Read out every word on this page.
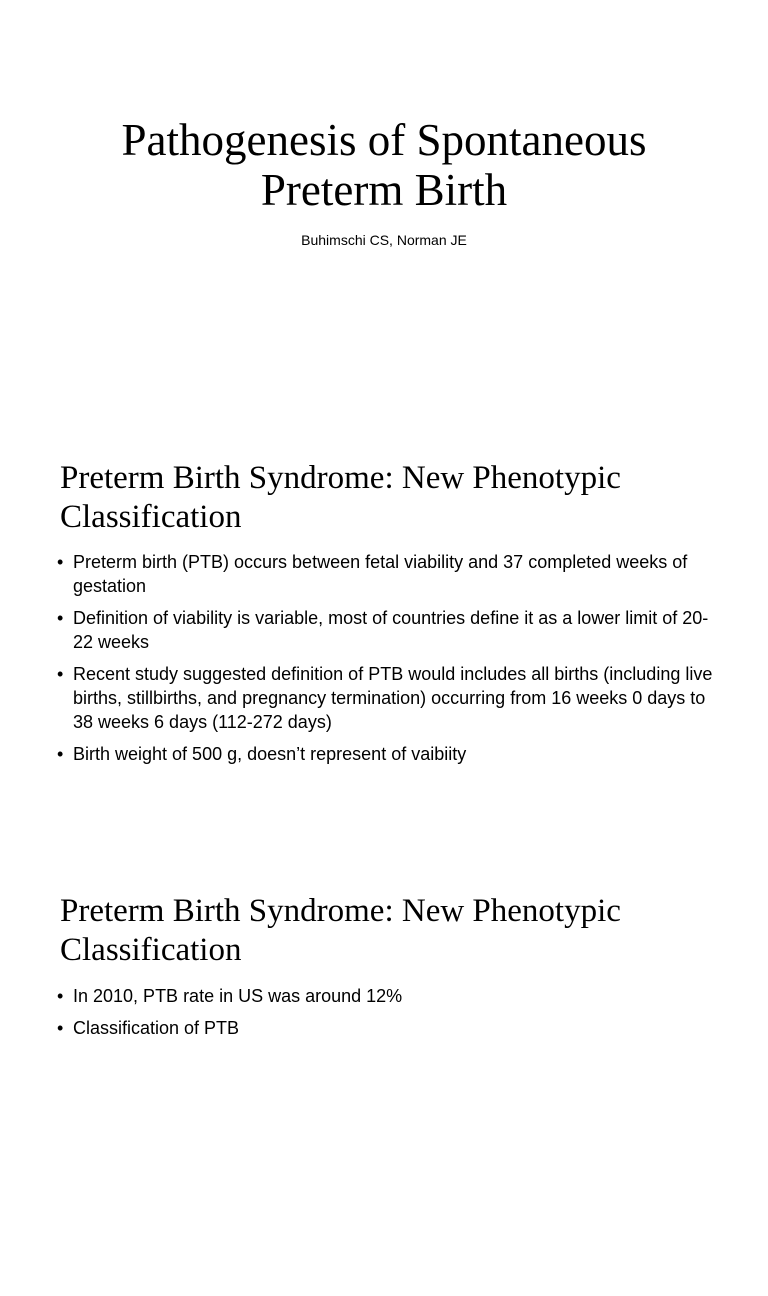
Pathogenesis of Spontaneous
Preterm Birth
Buhimschi CS, Norman JE
Preterm Birth Syndrome: New Phenotypic
Classification
• Preterm birth (PTB) occurs between fetal viability and 37 completed weeks of gestation
• Definition of viability is variable, most of countries define it as a lower limit of 20-22 weeks
• Recent study suggested definition of PTB would includes all births (including live births, stillbirths, and pregnancy termination) occurring from 16 weeks 0 days to 38 weeks 6 days (112-272 days)
• Birth weight of 500 g, doesn’t represent of vaibiity
Preterm Birth Syndrome: New Phenotypic
Classification
• In 2010, PTB rate in US was around 12%
• Classification of PTB
